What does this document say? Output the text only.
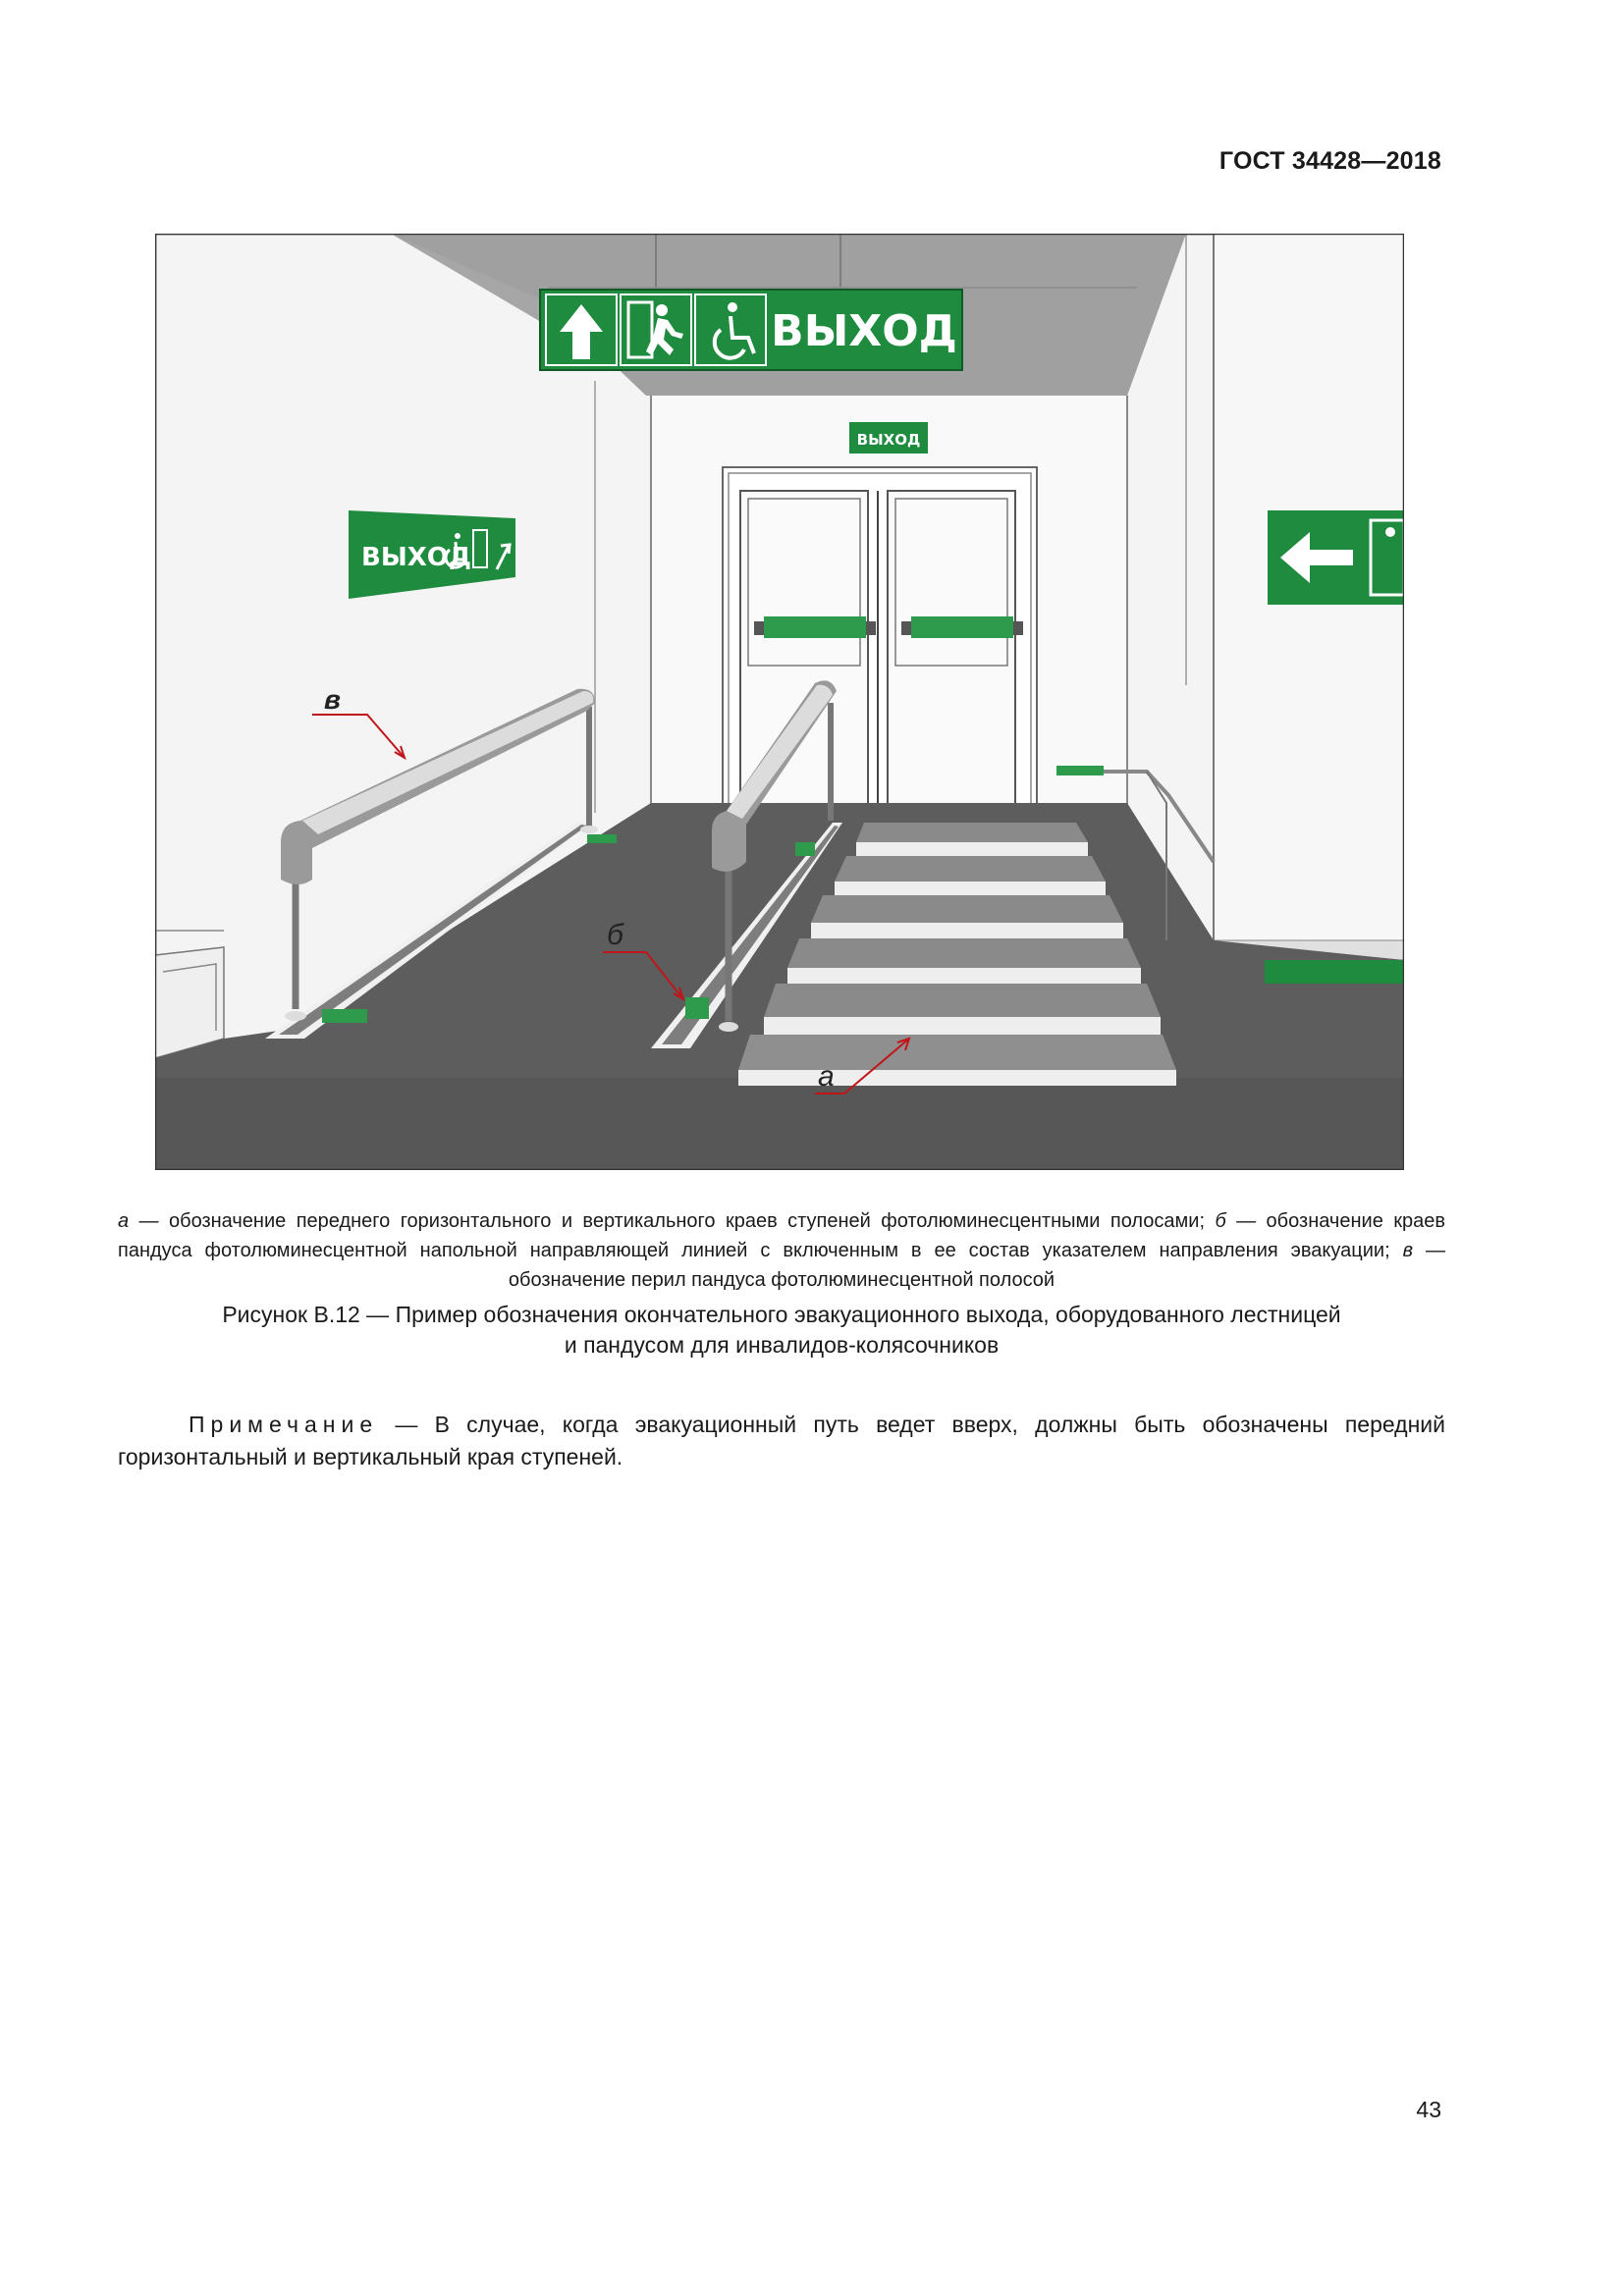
ГОСТ 34428—2018
ВЫХОД
ВЫХОД
ВЫХОД
в
б
а
а — обозначение переднего горизонтального и вертикального краев ступеней фотолюминесцентными полосами; б — обозначение краев пандуса фотолюминесцентной напольной направляющей линией с включенным в ее состав указателем направления эвакуации; в — обозначение перил пандуса фотолюминесцентной полосой
Рисунок В.12 — Пример обозначения окончательного эвакуационного выхода, оборудованного лестницей
и пандусом для инвалидов-колясочников
Примечание — В случае, когда эвакуационный путь ведет вверх, должны быть обозначены передний горизонтальный и вертикальный края ступеней.
43
